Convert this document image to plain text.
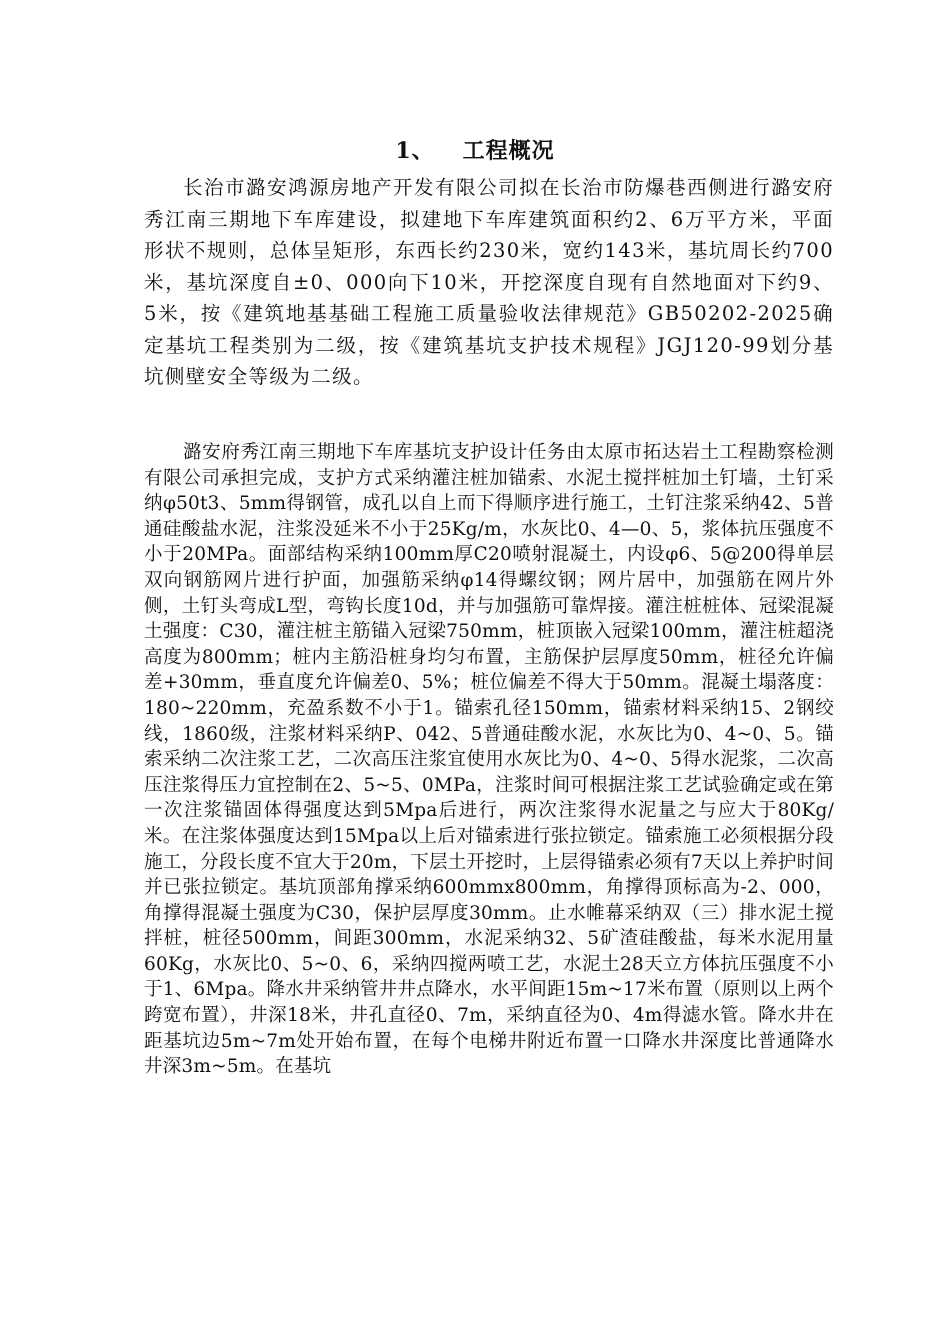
1、 工程概况

长治市潞安鸿源房地产开发有限公司拟在长治市防爆巷西侧进行潞安府秀江南三期地下车库建设，拟建地下车库建筑面积约2、6万平方米，平面形状不规则，总体呈矩形，东西长约230米，宽约143米，基坑周长约700米，基坑深度自±0、000向下10米，开挖深度自现有自然地面对下约9、5米，按《建筑地基基础工程施工质量验收法律规范》GB50202-2025确定基坑工程类别为二级，按《建筑基坑支护技术规程》JGJ120-99划分基坑侧壁安全等级为二级。

潞安府秀江南三期地下车库基坑支护设计任务由太原市拓达岩土工程勘察检测有限公司承担完成，支护方式采纳灌注桩加锚索、水泥土搅拌桩加土钉墙，土钉采纳φ50t3、5mm得钢管，成孔以自上而下得顺序进行施工，土钉注浆采纳42、5普通硅酸盐水泥，注浆没延米不小于25Kg/m，水灰比0、4—0、5，浆体抗压强度不小于20MPa。面部结构采纳100mm厚C20喷射混凝土，内设φ6、5@200得单层双向钢筋网片进行护面，加强筋采纳φ14得螺纹钢；网片居中，加强筋在网片外侧，土钉头弯成L型，弯钩长度10d，并与加强筋可靠焊接。灌注桩桩体、冠梁混凝土强度：C30，灌注桩主筋锚入冠梁750mm，桩顶嵌入冠梁100mm，灌注桩超浇高度为800mm；桩内主筋沿桩身均匀布置，主筋保护层厚度50mm，桩径允许偏差+30mm，垂直度允许偏差0、5%；桩位偏差不得大于50mm。混凝土塌落度：180~220mm，充盈系数不小于1。锚索孔径150mm，锚索材料采纳15、2钢绞线，1860级，注浆材料采纳P、042、5普通硅酸水泥，水灰比为0、4~0、5。锚索采纳二次注浆工艺，二次高压注浆宜使用水灰比为0、4~0、5得水泥浆，二次高压注浆得压力宜控制在2、5~5、0MPa，注浆时间可根据注浆工艺试验确定或在第一次注浆锚固体得强度达到5Mpa后进行，两次注浆得水泥量之与应大于80Kg/米。在注浆体强度达到15Mpa以上后对锚索进行张拉锁定。锚索施工必须根据分段施工，分段长度不宜大于20m，下层土开挖时，上层得锚索必须有7天以上养护时间并已张拉锁定。基坑顶部角撑采纳600mmx800mm，角撑得顶标高为-2、000，角撑得混凝土强度为C30，保护层厚度30mm。止水帷幕采纳双（三）排水泥土搅拌桩，桩径500mm，间距300mm，水泥采纳32、5矿渣硅酸盐，每米水泥用量60Kg，水灰比0、5~0、6，采纳四搅两喷工艺，水泥土28天立方体抗压强度不小于1、6Mpa。降水井采纳管井井点降水，水平间距15m~17米布置（原则以上两个跨宽布置），井深18米，井孔直径0、7m，采纳直径为0、4m得滤水管。降水井在距基坑边5m~7m处开始布置，在每个电梯井附近布置一口降水井深度比普通降水井深3m~5m。在基坑
